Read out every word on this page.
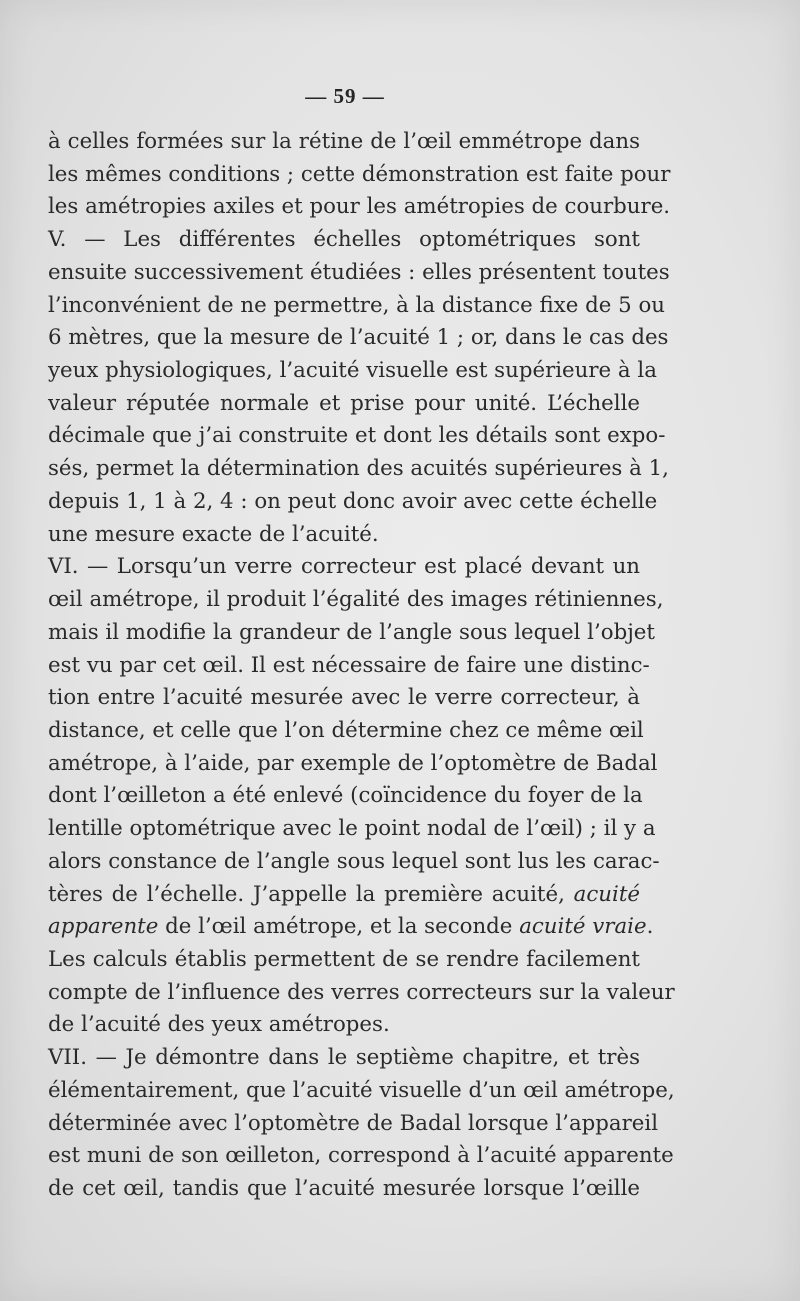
— 59 —
à celles formées sur la rétine de l’œil emmétrope dans
les mêmes conditions ; cette démonstration est faite pour
les amétropies axiles et pour les amétropies de courbure.
V. — Les différentes échelles optométriques sont
ensuite successivement étudiées : elles présentent toutes
l’inconvénient de ne permettre, à la distance fixe de 5 ou
6 mètres, que la mesure de l’acuité 1 ; or, dans le cas des
yeux physiologiques, l’acuité visuelle est supérieure à la
valeur réputée normale et prise pour unité. L’échelle
décimale que j’ai construite et dont les détails sont expo-
sés, permet la détermination des acuités supérieures à 1,
depuis 1, 1 à 2, 4 : on peut donc avoir avec cette échelle
une mesure exacte de l’acuité.
VI. — Lorsqu’un verre correcteur est placé devant un
œil amétrope, il produit l’égalité des images rétiniennes,
mais il modifie la grandeur de l’angle sous lequel l’objet
est vu par cet œil. Il est nécessaire de faire une distinc-
tion entre l’acuité mesurée avec le verre correcteur, à
distance, et celle que l’on détermine chez ce même œil
amétrope, à l’aide, par exemple de l’optomètre de Badal
dont l’œilleton a été enlevé (coïncidence du foyer de la
lentille optométrique avec le point nodal de l’œil) ; il y a
alors constance de l’angle sous lequel sont lus les carac-
tères de l’échelle. J’appelle la première acuité, acuité
apparente de l’œil amétrope, et la seconde acuité vraie.
Les calculs établis permettent de se rendre facilement
compte de l’influence des verres correcteurs sur la valeur
de l’acuité des yeux amétropes.
VII. — Je démontre dans le septième chapitre, et très
élémentairement, que l’acuité visuelle d’un œil amétrope,
déterminée avec l’optomètre de Badal lorsque l’appareil
est muni de son œilleton, correspond à l’acuité apparente
de cet œil, tandis que l’acuité mesurée lorsque l’œille
